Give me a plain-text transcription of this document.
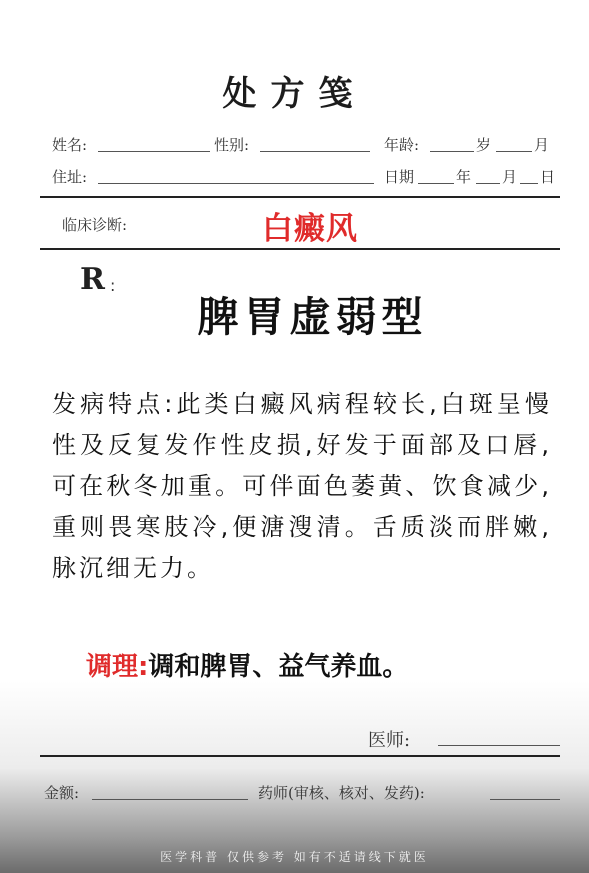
处方笺
姓名:	性别:	年龄:	岁	月
住址:	日期	年 月 日
临床诊断:	白癜风
R :
脾胃虚弱型
发病特点:此类白癜风病程较长,白斑呈慢性及反复发作性皮损,好发于面部及口唇,可在秋冬加重。可伴面色萎黄、饮食减少,重则畏寒肢冷,便溏溲清。舌质淡而胖嫩,脉沉细无力。
调理:调和脾胃、益气养血。
医师:
金额:	药师(审核、核对、发药):
医学科普 仅供参考 如有不适请线下就医
